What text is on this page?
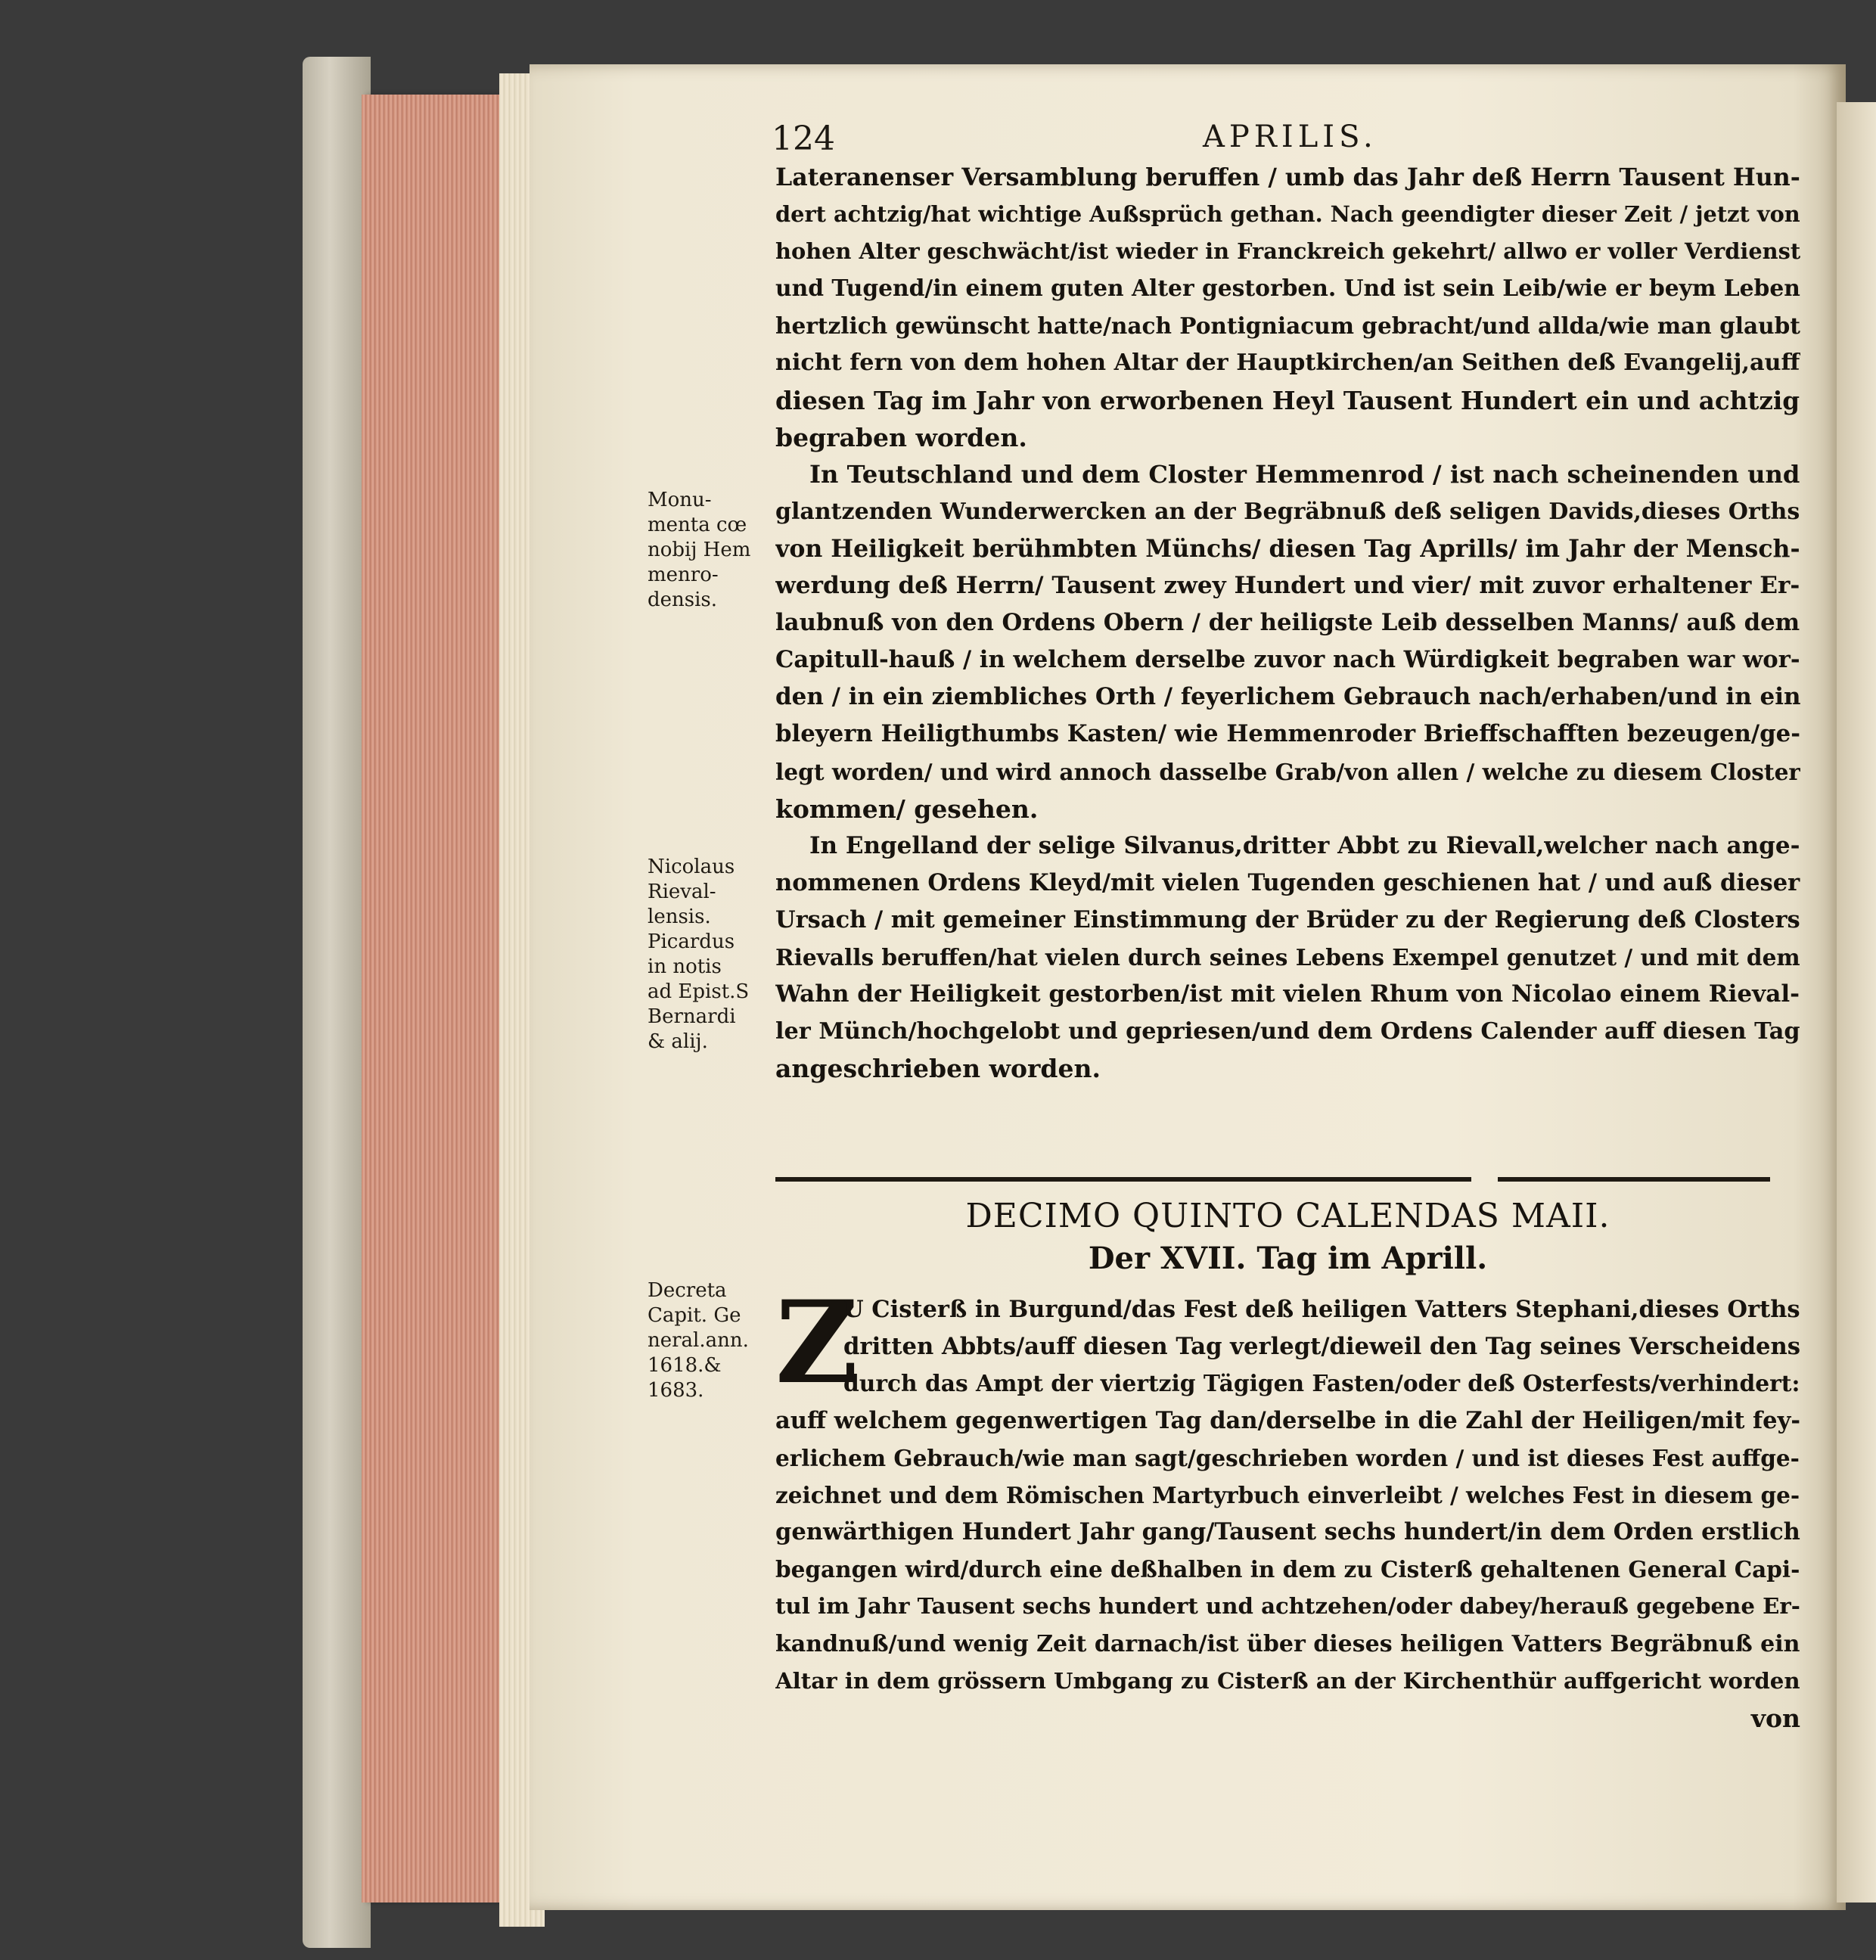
124	APRILIS.
Lateranenser Versamblung beruffen / umb das Jahr deß Herrn Tausent Hun-
dert achtzig/hat wichtige Außsprüch gethan. Nach geendigter dieser Zeit / jetzt von
hohen Alter geschwächt/ist wieder in Franckreich gekehrt/ allwo er voller Verdienst
und Tugend/in einem guten Alter gestorben. Und ist sein Leib/wie er beym Leben
hertzlich gewünscht hatte/nach Pontigniacum gebracht/und allda/wie man glaubt
nicht fern von dem hohen Altar der Hauptkirchen/an Seithen deß Evangelij,auff
diesen Tag im Jahr von erworbenen Heyl Tausent Hundert ein und achtzig
begraben worden.
In Teutschland und dem Closter Hemmenrod / ist nach scheinenden und
glantzenden Wunderwercken an der Begräbnuß deß seligen Davids,dieses Orths
von Heiligkeit berühmbten Münchs/ diesen Tag Aprills/ im Jahr der Mensch-
werdung deß Herrn/ Tausent zwey Hundert und vier/ mit zuvor erhaltener Er-
laubnuß von den Ordens Obern / der heiligste Leib desselben Manns/ auß dem
Capitull-hauß / in welchem derselbe zuvor nach Würdigkeit begraben war wor-
den / in ein ziembliches Orth / feyerlichem Gebrauch nach/erhaben/und in ein
bleyern Heiligthumbs Kasten/ wie Hemmenroder Brieffschafften bezeugen/ge-
legt worden/ und wird annoch dasselbe Grab/von allen / welche zu diesem Closter
kommen/ gesehen.
In Engelland der selige Silvanus,dritter Abbt zu Rievall,welcher nach ange-
nommenen Ordens Kleyd/mit vielen Tugenden geschienen hat / und auß dieser
Ursach / mit gemeiner Einstimmung der Brüder zu der Regierung deß Closters
Rievalls beruffen/hat vielen durch seines Lebens Exempel genutzet / und mit dem
Wahn der Heiligkeit gestorben/ist mit vielen Rhum von Nicolao einem Rieval-
ler Münch/hochgelobt und gepriesen/und dem Ordens Calender auff diesen Tag
angeschrieben worden.
Monu-
menta cœ
nobij Hem
menro-
densis.
Nicolaus
Rieval-
lensis.
Picardus
in notis
ad Epist.S
Bernardi
& alij.
DECIMO QUINTO CALENDAS MAII.
Der XVII. Tag im Aprill.
Decreta
Capit. Ge
neral.ann.
1618.&
1683. Z
U Cisterß in Burgund/das Fest deß heiligen Vatters Stephani,dieses Orths
dritten Abbts/auff diesen Tag verlegt/dieweil den Tag seines Verscheidens
durch das Ampt der viertzig Tägigen Fasten/oder deß Osterfests/verhindert:
auff welchem gegenwertigen Tag dan/derselbe in die Zahl der Heiligen/mit fey-
erlichem Gebrauch/wie man sagt/geschrieben worden / und ist dieses Fest auffge-
zeichnet und dem Römischen Martyrbuch einverleibt / welches Fest in diesem ge-
genwärthigen Hundert Jahr gang/Tausent sechs hundert/in dem Orden erstlich
begangen wird/durch eine deßhalben in dem zu Cisterß gehaltenen General Capi-
tul im Jahr Tausent sechs hundert und achtzehen/oder dabey/herauß gegebene Er-
kandnuß/und wenig Zeit darnach/ist über dieses heiligen Vatters Begräbnuß ein
Altar in dem grössern Umbgang zu Cisterß an der Kirchenthür auffgericht worden
von
